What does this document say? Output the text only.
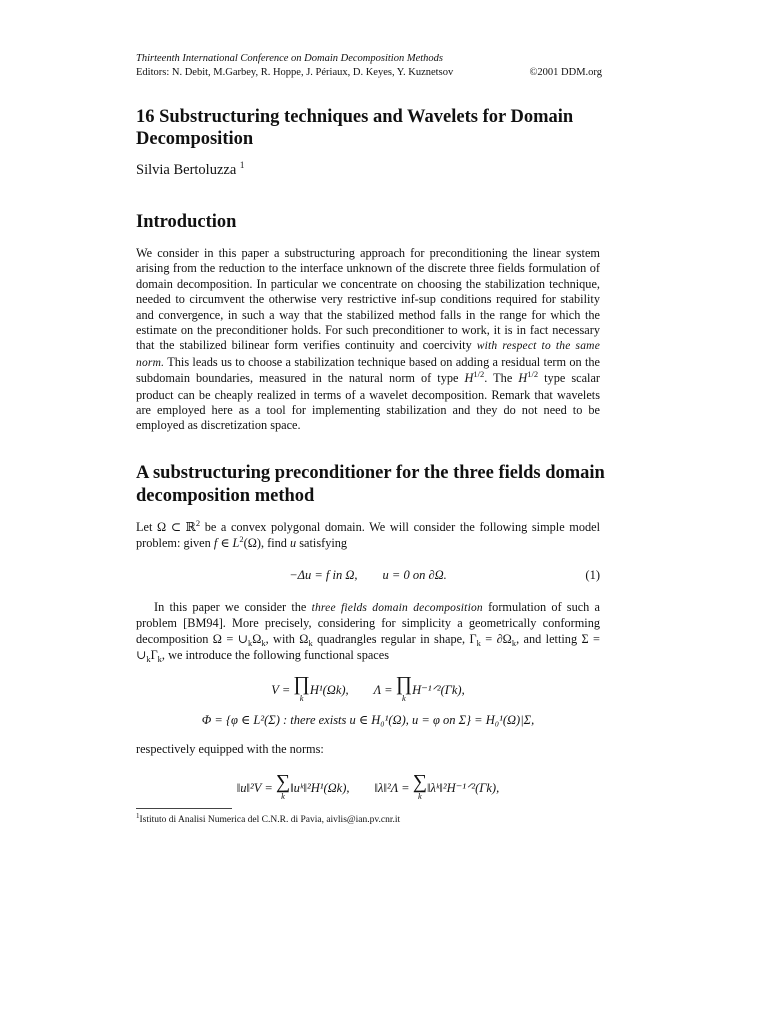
Thirteenth International Conference on Domain Decomposition Methods
Editors: N. Debit, M.Garbey, R. Hoppe, J. Périaux, D. Keyes, Y. Kuznetsov	©2001 DDM.org
16 Substructuring techniques and Wavelets for Domain Decomposition
Silvia Bertoluzza $^1$
Introduction

We consider in this paper a substructuring approach for preconditioning the linear system arising from the reduction to the interface unknown of the discrete three fields formulation of domain decomposition. In particular we concentrate on choosing the stabilization technique, needed to circumvent the otherwise very restrictive inf-sup conditions required for stability and convergence, in such a way that the stabilized method falls in the range for which the estimate on the preconditioner holds. For such preconditioner to work, it is in fact necessary that the stabilized bilinear form verifies continuity and coercivity with respect to the same norm. This leads us to choose a stabilization technique based on adding a residual term on the subdomain boundaries, measured in the natural norm of type $H^{1/2}$. The $H^{1/2}$ type scalar product can be cheaply realized in terms of a wavelet decomposition. Remark that wavelets are employed here as a tool for implementing stabilization and they do not need to be employed as discretization space.

A substructuring preconditioner for the three fields domain decomposition method

Let Ω ⊂ ℝ$^2$ be a convex polygonal domain. We will consider the following simple model problem: given f ∈ $L^2(\Omega)$, find u satisfying

−Δu = f in Ω,        u = 0 on ∂Ω.	(1)

In this paper we consider the three fields domain decomposition formulation of such a problem [BM94]. More precisely, considering for simplicity a geometrically conforming decomposition $\Omega = \cup_k\Omega_k$, with $\Omega_k$ quadrangles regular in shape, $\Gamma_k = \partial\Omega_k$, and letting $\Sigma = \cup_k\Gamma_k$, we introduce the following functional spaces

V = ∏
k
H¹(Ωk),        Λ = ∏
k
H⁻¹ᐟ²(Γk),
Φ = {φ ∈ L²(Σ) : there exists u ∈ H₀¹(Ω), u = φ on Σ} = H₀¹(Ω)|Σ,

respectively equipped with the norms:

‖u‖²V = ∑
k
‖uᵏ‖²H¹(Ωk),        ‖λ‖²Λ = ∑
k
‖λᵏ‖²H⁻¹ᐟ²(Γk),
$^1$Istituto di Analisi Numerica del C.N.R. di Pavia, aivlis@ian.pv.cnr.it
